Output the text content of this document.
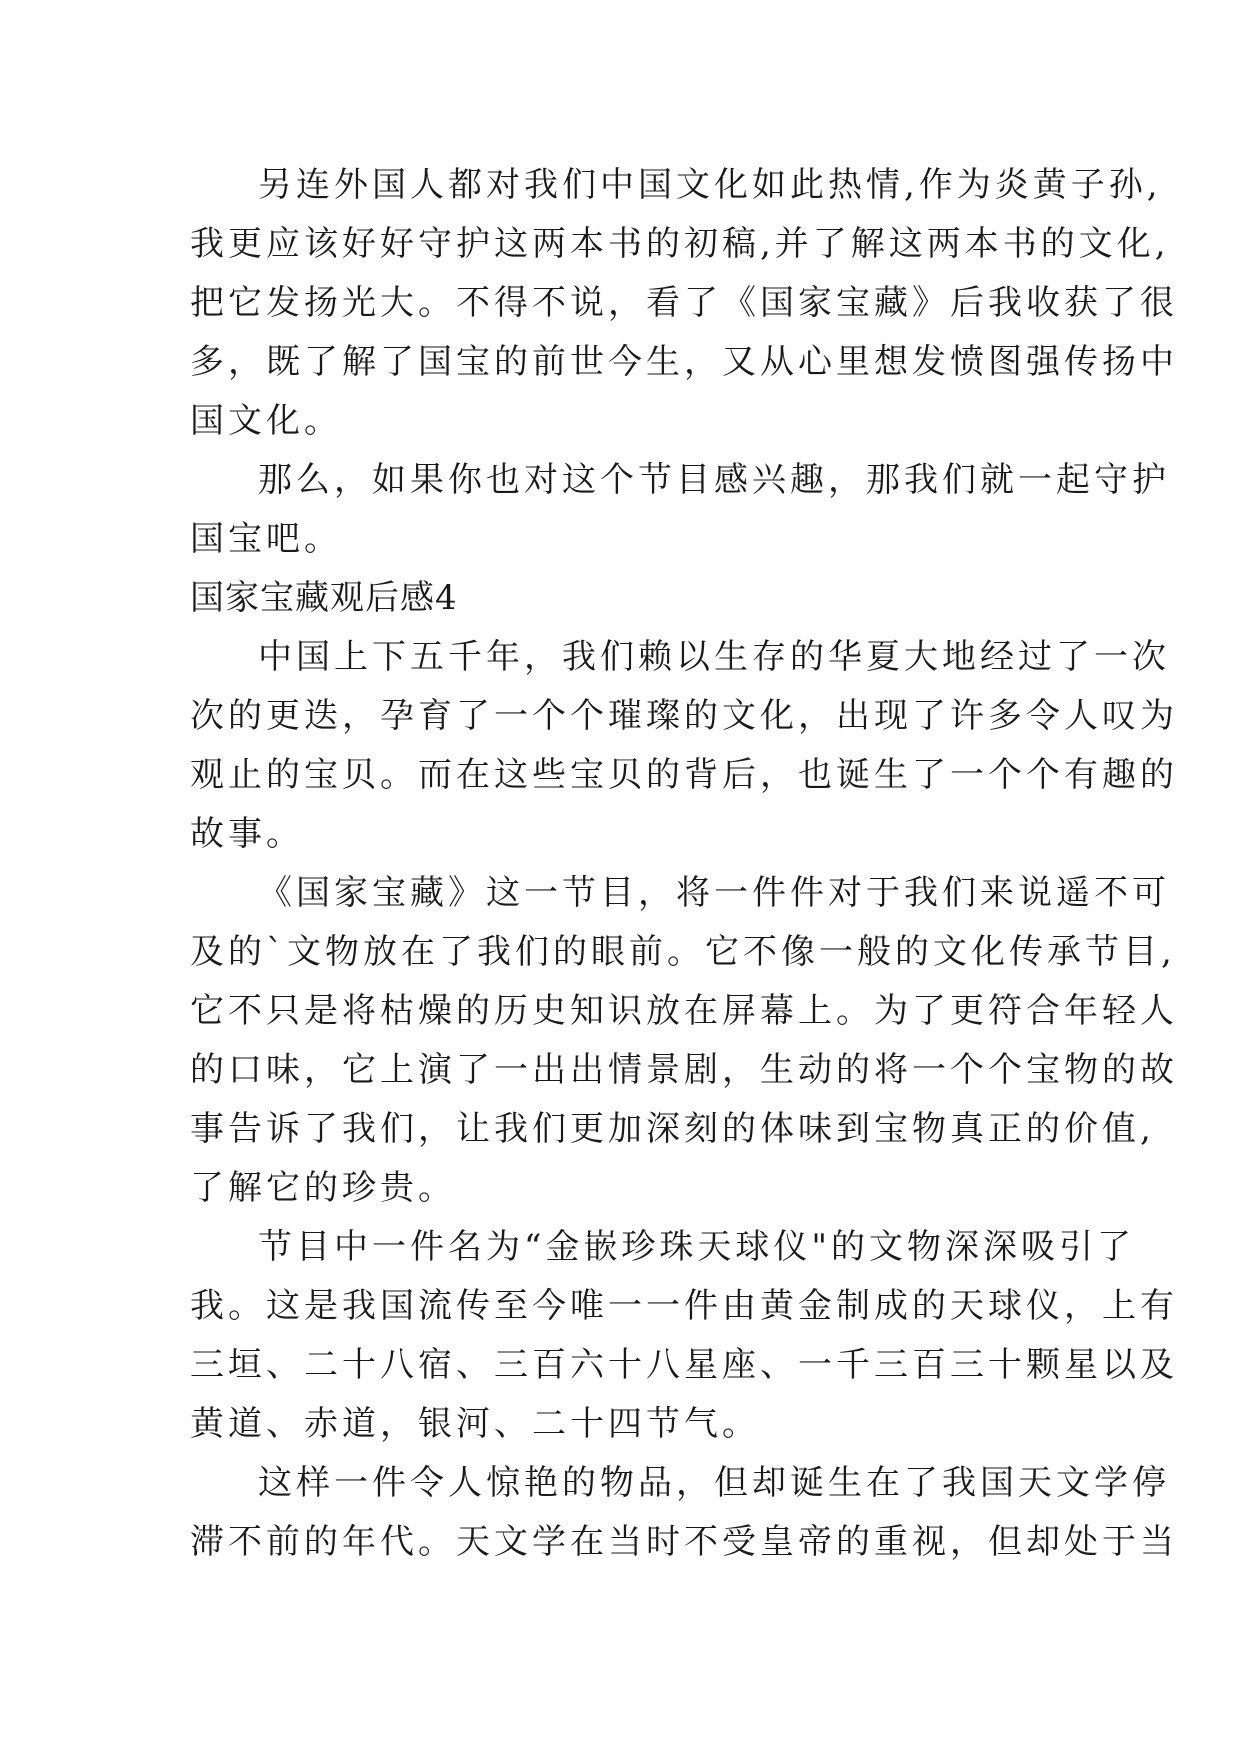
另连外国人都对我们中国文化如此热情,作为炎黄子孙,
我更应该好好守护这两本书的初稿,并了解这两本书的文化,
把它发扬光大。不得不说，看了《国家宝藏》后我收获了很
多，既了解了国宝的前世今生，又从心里想发愤图强传扬中
国文化。
那么，如果你也对这个节目感兴趣，那我们就一起守护
国宝吧。
国家宝藏观后感4
中国上下五千年，我们赖以生存的华夏大地经过了一次
次的更迭，孕育了一个个璀璨的文化，出现了许多令人叹为
观止的宝贝。而在这些宝贝的背后，也诞生了一个个有趣的
故事。
《国家宝藏》这一节目，将一件件对于我们来说遥不可
及的`文物放在了我们的眼前。它不像一般的文化传承节目,
它不只是将枯燥的历史知识放在屏幕上。为了更符合年轻人
的口味，它上演了一出出情景剧，生动的将一个个宝物的故
事告诉了我们，让我们更加深刻的体味到宝物真正的价值,
了解它的珍贵。
节目中一件名为“金嵌珍珠天球仪"的文物深深吸引了
我。这是我国流传至今唯一一件由黄金制成的天球仪，上有
三垣、二十八宿、三百六十八星座、一千三百三十颗星以及
黄道、赤道，银河、二十四节气。
这样一件令人惊艳的物品，但却诞生在了我国天文学停
滞不前的年代。天文学在当时不受皇帝的重视，但却处于当
